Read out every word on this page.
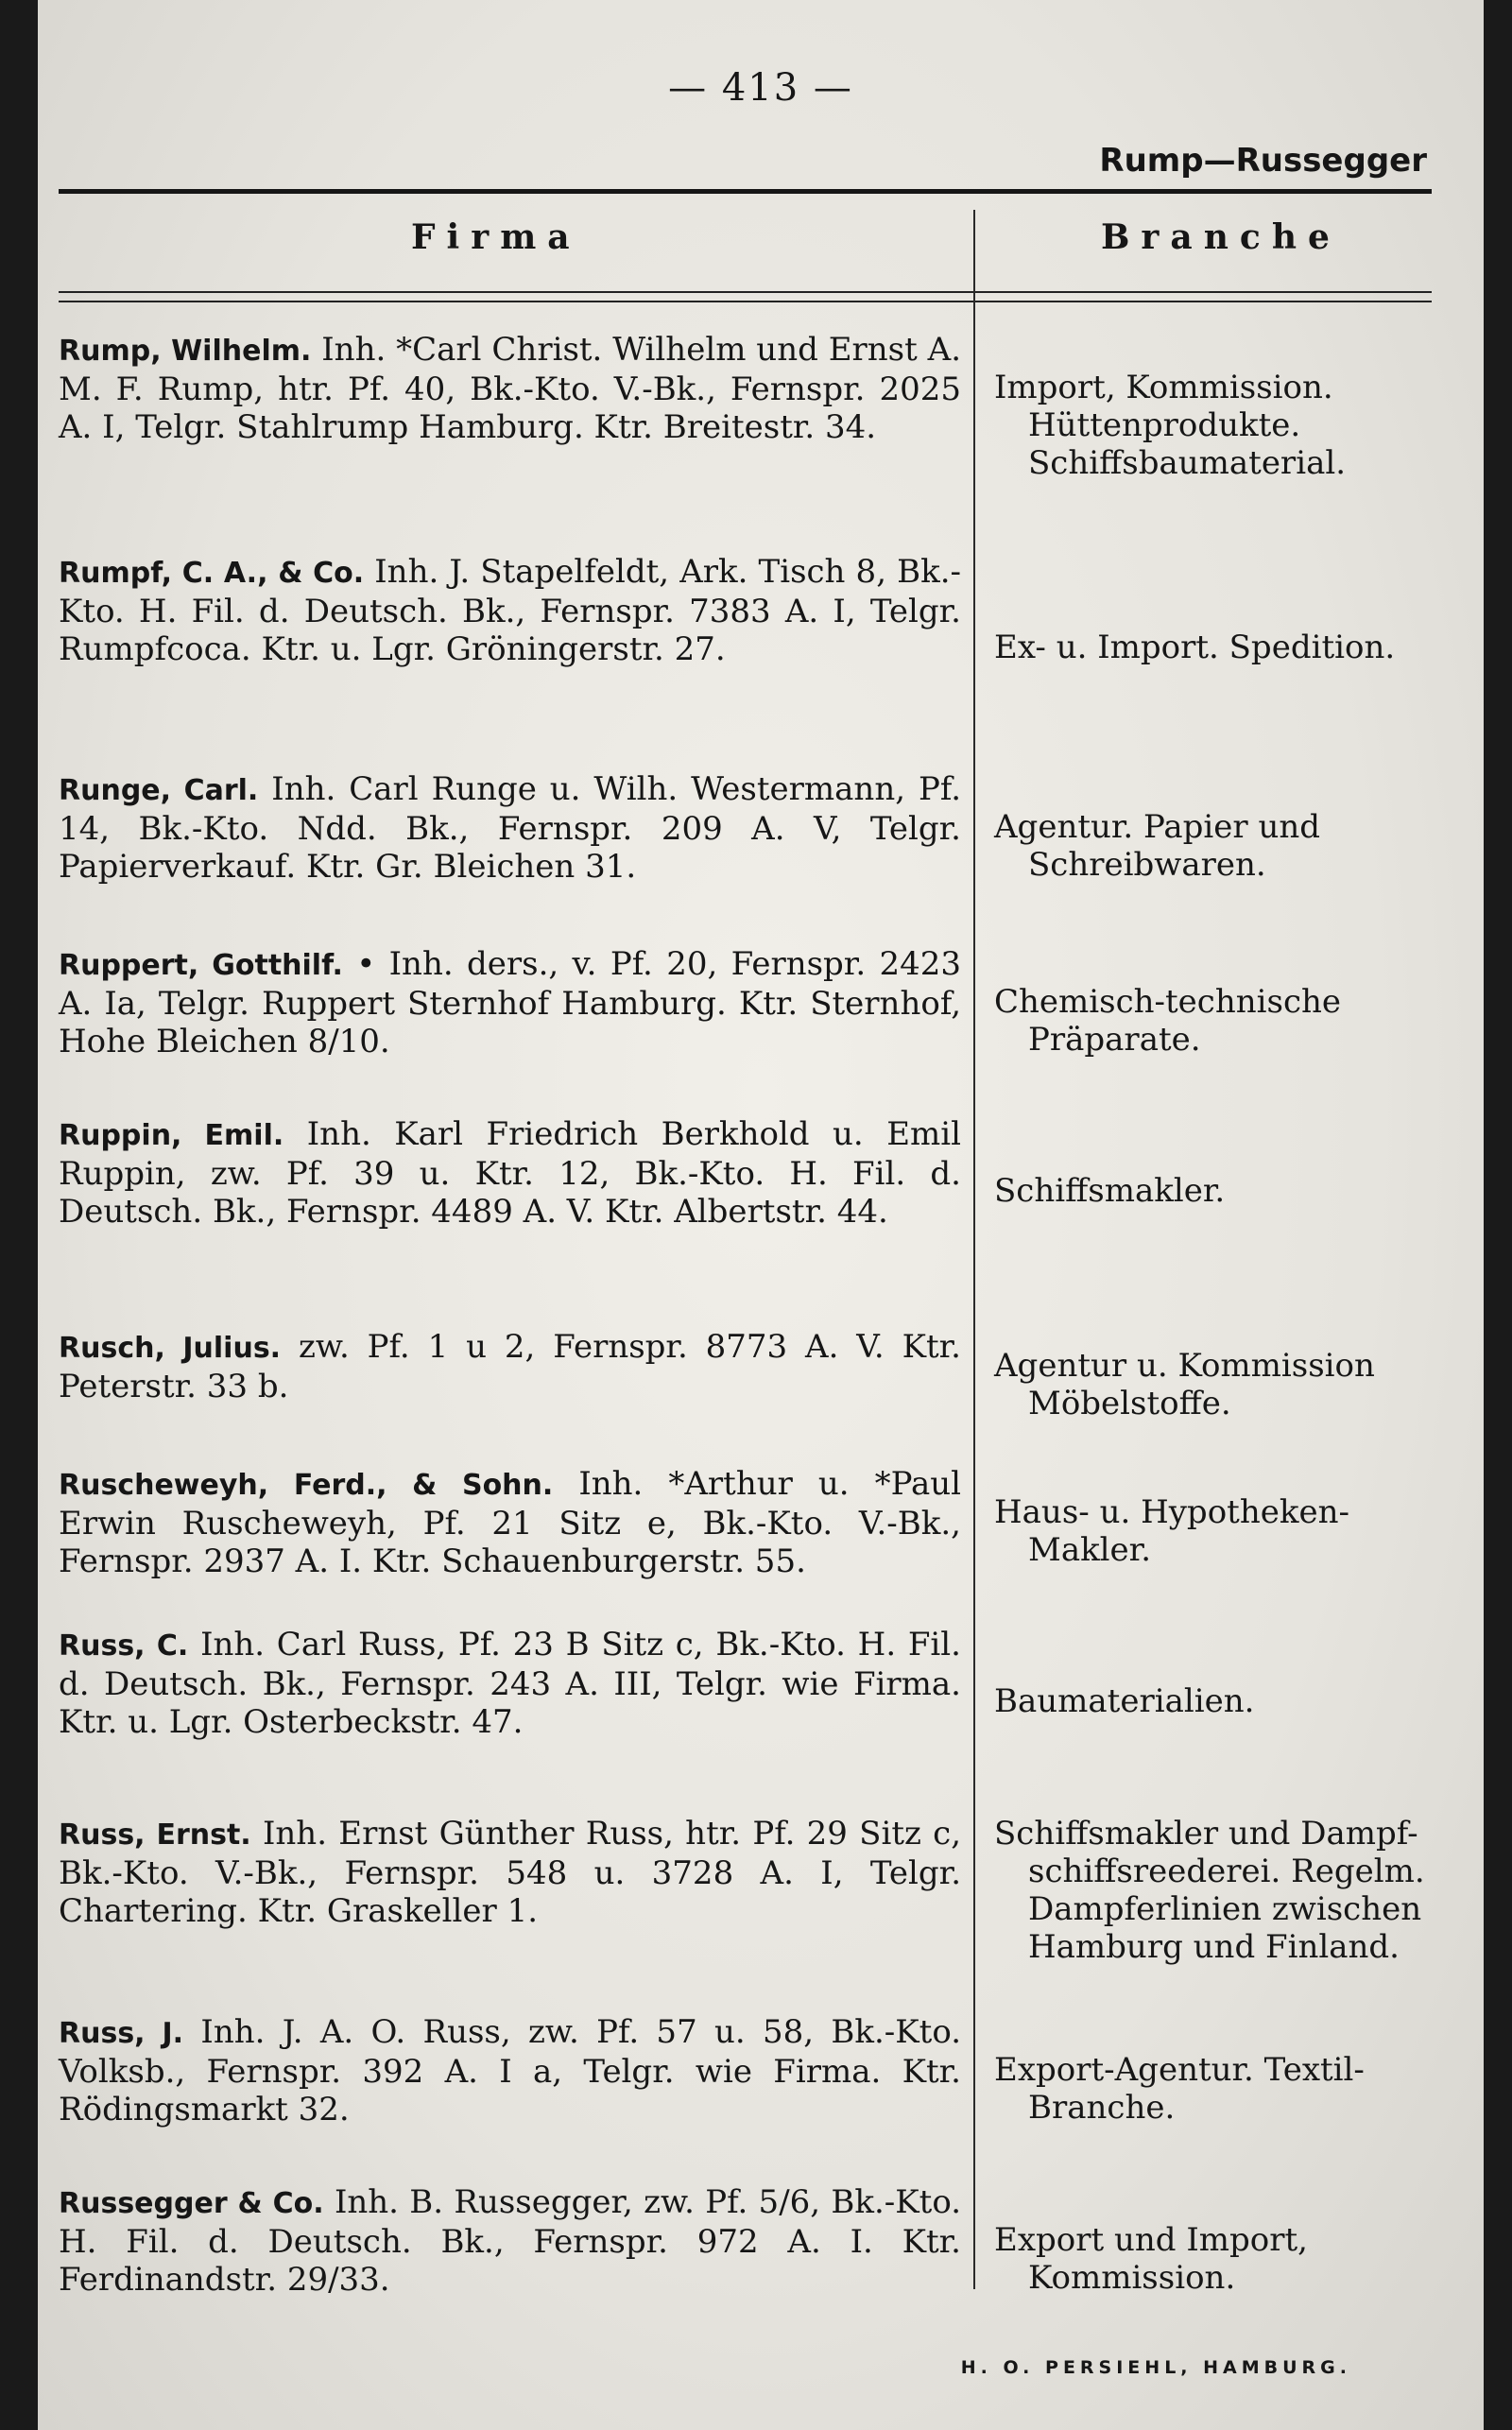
— 413 —
Rump—Russegger
Firma	Branche
Rump, Wilhelm. Inh. *Carl Christ. Wilhelm und Ernst A. M. F. Rump, htr. Pf. 40, Bk.-Kto. V.-Bk., Fernspr. 2025 A. I, Telgr. Stahlrump Hamburg. Ktr. Breitestr. 34.
Import, Kommission.
Hüttenprodukte.
Schiffsbaumaterial.
Rumpf, C. A., & Co. Inh. J. Stapelfeldt, Ark. Tisch 8, Bk.-Kto. H. Fil. d. Deutsch. Bk., Fernspr. 7383 A. I, Telgr. Rumpfcoca. Ktr. u. Lgr. Gröningerstr. 27.	Ex- u. Import. Spedition.
Runge, Carl. Inh. Carl Runge u. Wilh. Westermann, Pf. 14, Bk.-Kto. Ndd. Bk., Fernspr. 209 A. V, Telgr. Papierverkauf. Ktr. Gr. Bleichen 31.
Agentur. Papier und
Schreibwaren.
Ruppert, Gotthilf. • Inh. ders., v. Pf. 20, Fernspr. 2423 A. Ia, Telgr. Ruppert Sternhof Hamburg. Ktr. Sternhof, Hohe Bleichen 8/10.
Chemisch-technische
Präparate.
Ruppin, Emil. Inh. Karl Friedrich Berkhold u. Emil Ruppin, zw. Pf. 39 u. Ktr. 12, Bk.-Kto. H. Fil. d. Deutsch. Bk., Fernspr. 4489 A. V. Ktr. Albertstr. 44.
Schiffsmakler.
Rusch, Julius. zw. Pf. 1 u 2, Fernspr. 8773 A. V. Ktr. Peterstr. 33 b.
Agentur u. Kommission
Möbelstoffe.
Ruscheweyh, Ferd., & Sohn. Inh. *Arthur u. *Paul Erwin Ruscheweyh, Pf. 21 Sitz e, Bk.-Kto. V.-Bk., Fernspr. 2937 A. I. Ktr. Schauenburgerstr. 55.
Haus- u. Hypotheken-
Makler.
Russ, C. Inh. Carl Russ, Pf. 23 B Sitz c, Bk.-Kto. H. Fil. d. Deutsch. Bk., Fernspr. 243 A. III, Telgr. wie Firma. Ktr. u. Lgr. Osterbeckstr. 47.
Baumaterialien.
Russ, Ernst. Inh. Ernst Günther Russ, htr. Pf. 29 Sitz c, Bk.-Kto. V.-Bk., Fernspr. 548 u. 3728 A. I, Telgr. Chartering. Ktr. Graskeller 1.
Schiffsmakler und Dampf-
schiffsreederei. Regelm.
Dampferlinien zwischen
Hamburg und Finland.
Russ, J. Inh. J. A. O. Russ, zw. Pf. 57 u. 58, Bk.-Kto. Volksb., Fernspr. 392 A. I a, Telgr. wie Firma. Ktr. Rödingsmarkt 32.
Export-Agentur. Textil-
Branche.
Russegger & Co. Inh. B. Russegger, zw. Pf. 5/6, Bk.-Kto. H. Fil. d. Deutsch. Bk., Fernspr. 972 A. I. Ktr. Ferdinandstr. 29/33.
Export und Import,
Kommission.
H. O. PERSIEHL, HAMBURG.
